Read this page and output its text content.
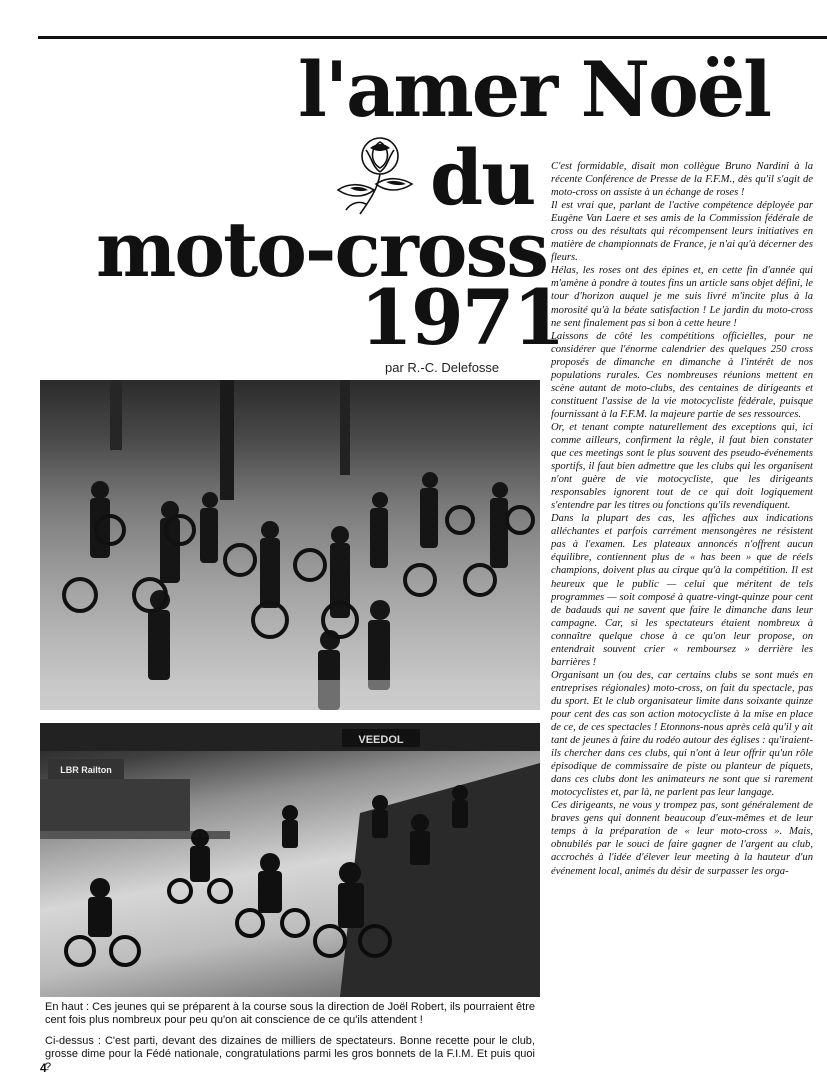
l'amer Noël
du
moto-cross
1971
par R.-C. Delefosse
VEEDOL
LBR Railton
En haut : Ces jeunes qui se préparent à la course sous la direction de Joël Robert, ils pourraient être cent fois plus nombreux pour peu qu'on ait conscience de ce qu'ils attendent !
Ci-dessus : C'est parti, devant des dizaines de milliers de spectateurs. Bonne recette pour le club, grosse dime pour la Fédé nationale, congratulations parmi les gros bonnets de la F.I.M. Et puis quoi ?
4

C'est formidable, disait mon collègue Bruno Nardini à la récente Conférence de Presse de la F.F.M., dès qu'il s'agit de moto-cross on assiste à un échange de roses !

Il est vrai que, parlant de l'active compétence déployée par Eugène Van Laere et ses amis de la Commission fédérale de cross ou des résultats qui récompensent leurs initiatives en matière de championnats de France, je n'ai qu'à décerner des fleurs.

Hélas, les roses ont des épines et, en cette fin d'année qui m'amène à pondre à toutes fins un article sans objet défini, le tour d'horizon auquel je me suis livré m'incite plus à la morosité qu'à la béate satisfaction ! Le jardin du moto-cross ne sent finalement pas si bon à cette heure !

Laissons de côté les compétitions officielles, pour ne considérer que l'énorme calendrier des quelques 250 cross proposés de dimanche en dimanche à l'intérêt de nos populations rurales. Ces nombreuses réunions mettent en scène autant de moto-clubs, des centaines de dirigeants et constituent l'assise de la vie motocycliste fédérale, puisque fournissant à la F.F.M. la majeure partie de ses ressources.

Or, et tenant compte naturellement des exceptions qui, ici comme ailleurs, confirment la règle, il faut bien constater que ces meetings sont le plus souvent des pseudo-événements sportifs, il faut bien admettre que les clubs qui les organisent n'ont guère de vie motocycliste, que les dirigeants responsables ignorent tout de ce qui doit logiquement s'entendre par les titres ou fonctions qu'ils revendiquent.

Dans la plupart des cas, les affiches aux indications alléchantes et parfois carrément mensongères ne résistent pas à l'examen. Les plateaux annoncés n'offrent aucun équilibre, contiennent plus de « has been » que de réels champions, doivent plus au cirque qu'à la compétition. Il est heureux que le public — celui que méritent de tels programmes — soit composé à quatre-vingt-quinze pour cent de badauds qui ne savent que faire le dimanche dans leur campagne. Car, si les spectateurs étaient nombreux à connaître quelque chose à ce qu'on leur propose, on entendrait souvent crier « remboursez » derrière les barrières !

Organisant un (ou des, car certains clubs se sont mués en entreprises régionales) moto-cross, on fait du spectacle, pas du sport. Et le club organisateur limite dans soixante quinze pour cent des cas son action motocycliste à la mise en place de ce, de ces spectacles ! Etonnons-nous après celà qu'il y ait tant de jeunes à faire du rodéo autour des églises : qu'iraient-ils chercher dans ces clubs, qui n'ont à leur offrir qu'un rôle épisodique de commissaire de piste ou planteur de piquets, dans ces clubs dont les animateurs ne sont que si rarement motocyclistes et, par là, ne parlent pas leur langage.

Ces dirigeants, ne vous y trompez pas, sont généralement de braves gens qui donnent beaucoup d'eux-mêmes et de leur temps à la préparation de « leur moto-cross ». Mais, obnubilés par le souci de faire gagner de l'argent au club, accrochés à l'idée d'élever leur meeting à la hauteur d'un événement local, animés du désir de surpasser les orga-
